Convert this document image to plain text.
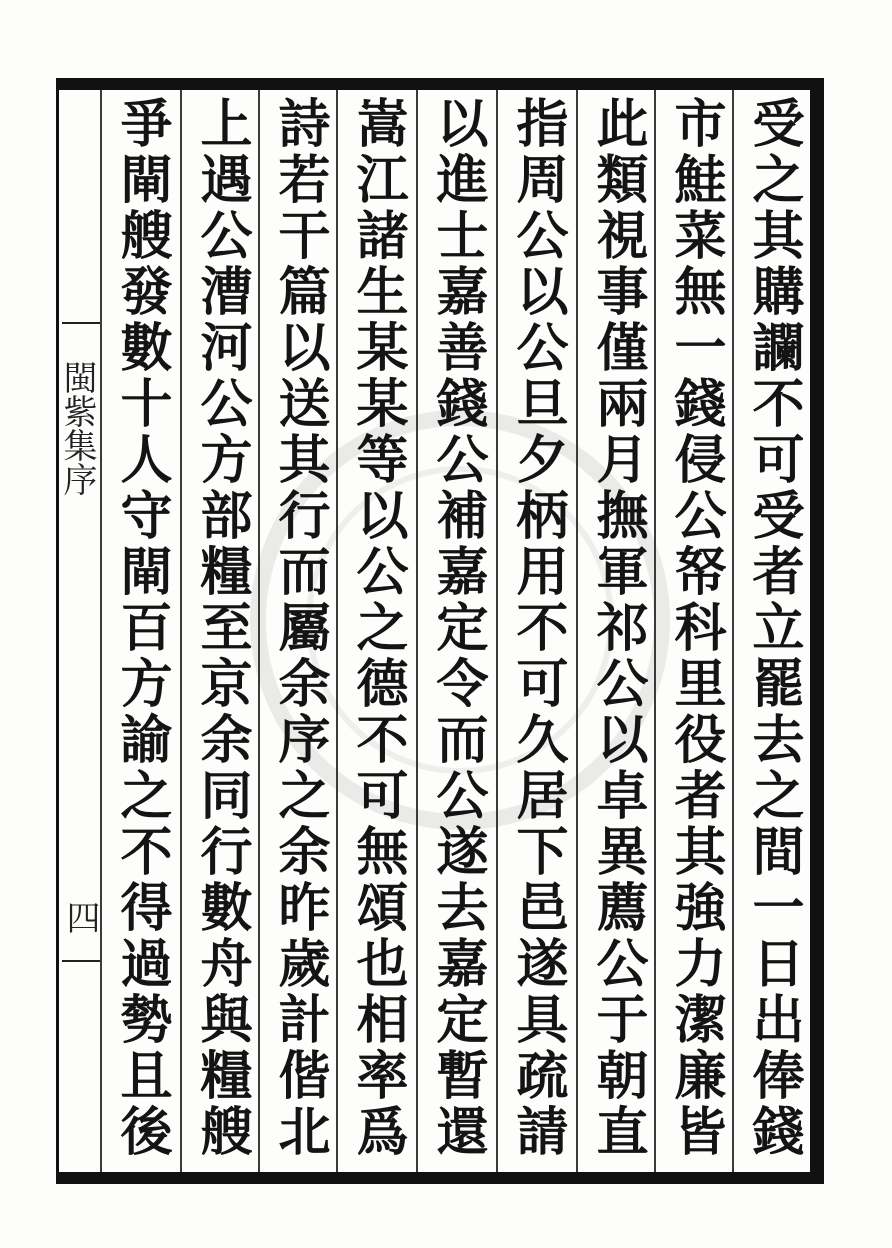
閩紫集序
四	受之其購讕不可受者立罷去之間一日出俸錢
市鮭菜無一錢侵公帑科里役者其強力潔廉皆
此類視事僅兩月撫軍祁公以卓異薦公于朝直
指周公以公旦夕柄用不可久居下邑遂具疏請
以進士嘉善錢公補嘉定令而公遂去嘉定暫還
嵩江諸生某某等以公之德不可無頌也相率爲
詩若干篇以送其行而屬余序之余昨歲計偕北
上遇公漕河公方部糧至京余同行數舟與糧艘
爭閘艘發數十人守閘百方諭之不得過勢且後
